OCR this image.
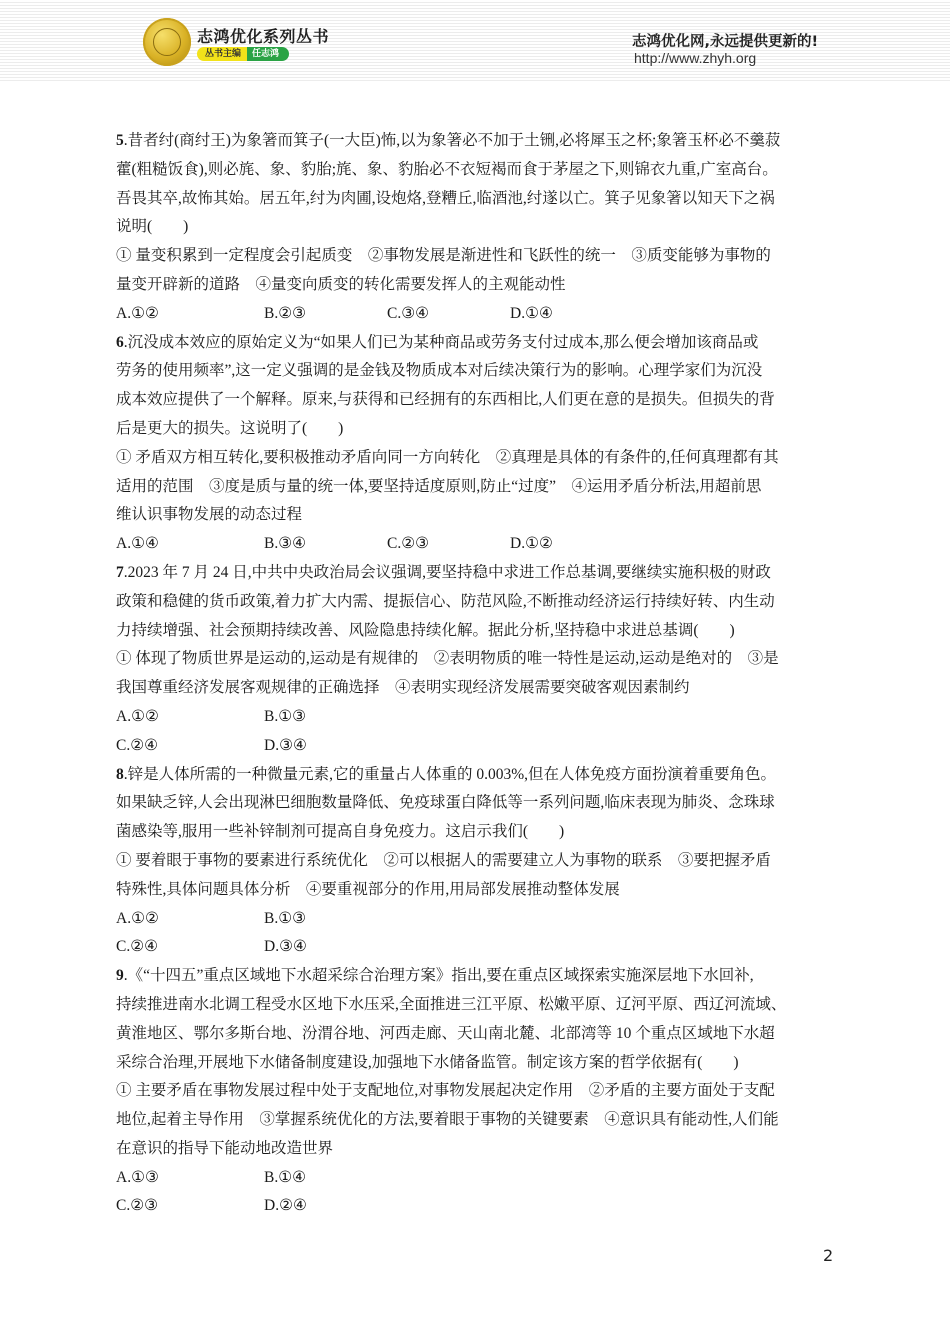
志鸿优化系列丛书
丛书主编	任志鸿
志鸿优化网,永远提供更新的!
http://www.zhyh.org
5.昔者纣(商纣王)为象箸而箕子(一大臣)怖,以为象箸必不加于土铏,必将犀玉之杯;象箸玉杯必不羹菽
藿(粗糙饭食),则必旄、象、豹胎;旄、象、豹胎必不衣短褐而食于茅屋之下,则锦衣九重,广室高台。
吾畏其卒,故怖其始。居五年,纣为肉圃,设炮烙,登糟丘,临酒池,纣遂以亡。箕子见象箸以知天下之祸
说明(　　)
① 量变积累到一定程度会引起质变　②事物发展是渐进性和飞跃性的统一　③质变能够为事物的
量变开辟新的道路　④量变向质变的转化需要发挥人的主观能动性
A.①②	B.②③	C.③④	D.①④
6.沉没成本效应的原始定义为“如果人们已为某种商品或劳务支付过成本,那么便会增加该商品或
劳务的使用频率”,这一定义强调的是金钱及物质成本对后续决策行为的影响。心理学家们为沉没
成本效应提供了一个解释。原来,与获得和已经拥有的东西相比,人们更在意的是损失。但损失的背
后是更大的损失。这说明了(　　)
① 矛盾双方相互转化,要积极推动矛盾向同一方向转化　②真理是具体的有条件的,任何真理都有其
适用的范围　③度是质与量的统一体,要坚持适度原则,防止“过度”　④运用矛盾分析法,用超前思
维认识事物发展的动态过程
A.①④	B.③④	C.②③	D.①②
7.2023 年 7 月 24 日,中共中央政治局会议强调,要坚持稳中求进工作总基调,要继续实施积极的财政
政策和稳健的货币政策,着力扩大内需、提振信心、防范风险,不断推动经济运行持续好转、内生动
力持续增强、社会预期持续改善、风险隐患持续化解。据此分析,坚持稳中求进总基调(　　)
① 体现了物质世界是运动的,运动是有规律的　②表明物质的唯一特性是运动,运动是绝对的　③是
我国尊重经济发展客观规律的正确选择　④表明实现经济发展需要突破客观因素制约
A.①②	B.①③
C.②④	D.③④
8.锌是人体所需的一种微量元素,它的重量占人体重的 0.003%,但在人体免疫方面扮演着重要角色。
如果缺乏锌,人会出现淋巴细胞数量降低、免疫球蛋白降低等一系列问题,临床表现为肺炎、念珠球
菌感染等,服用一些补锌制剂可提高自身免疫力。这启示我们(　　)
① 要着眼于事物的要素进行系统优化　②可以根据人的需要建立人为事物的联系　③要把握矛盾
特殊性,具体问题具体分析　④要重视部分的作用,用局部发展推动整体发展
A.①②	B.①③
C.②④	D.③④
9.《“十四五”重点区域地下水超采综合治理方案》指出,要在重点区域探索实施深层地下水回补,
持续推进南水北调工程受水区地下水压采,全面推进三江平原、松嫩平原、辽河平原、西辽河流域、
黄淮地区、鄂尔多斯台地、汾渭谷地、河西走廊、天山南北麓、北部湾等 10 个重点区域地下水超
采综合治理,开展地下水储备制度建设,加强地下水储备监管。制定该方案的哲学依据有(　　)
① 主要矛盾在事物发展过程中处于支配地位,对事物发展起决定作用　②矛盾的主要方面处于支配
地位,起着主导作用　③掌握系统优化的方法,要着眼于事物的关键要素　④意识具有能动性,人们能
在意识的指导下能动地改造世界
A.①③	B.①④
C.②③	D.②④
2
